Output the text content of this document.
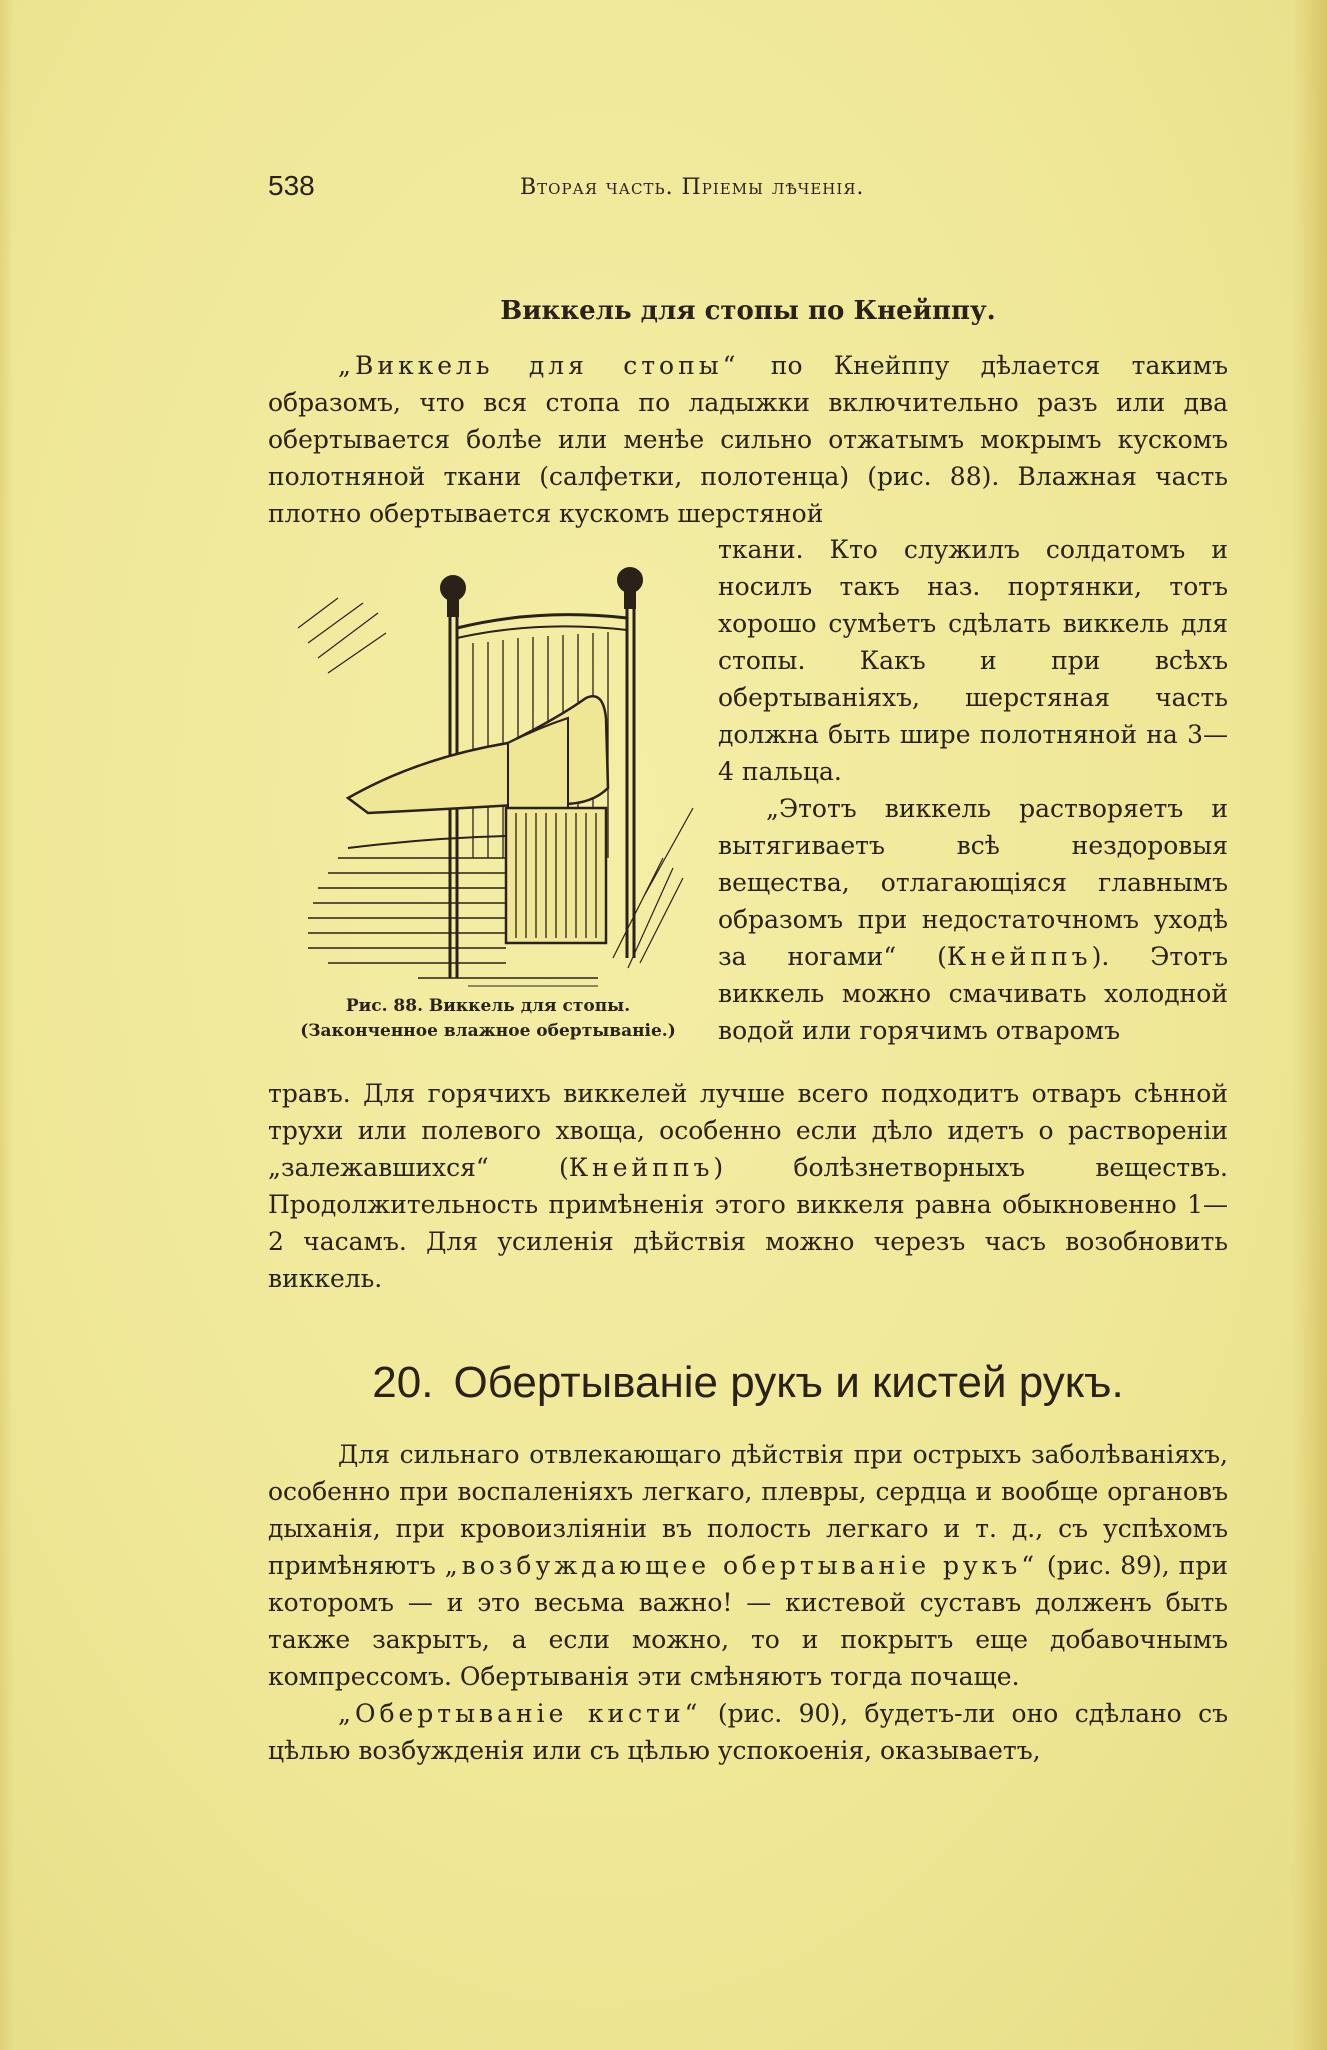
538	Вторая часть. Пріемы лѣченія.
Виккель для стопы по Кнейппу.

„Виккель для стопы“ по Кнейппу дѣлается такимъ образомъ, что вся стопа по ладыжки включительно разъ или два обертывается болѣе или менѣе сильно отжатымъ мокрымъ кускомъ полотняной ткани (салфетки, полотенца) (рис. 88). Влажная часть плотно обертывается кускомъ шерстяной

Рис. 88. Виккель для стопы.
(Законченное влажное обертываніе.)

ткани. Кто служилъ солдатомъ и носилъ такъ наз. портянки, тотъ хорошо сумѣетъ сдѣлать виккель для стопы. Какъ и при всѣхъ обертываніяхъ, шерстяная часть должна быть шире полотняной на 3—4 пальца.

„Этотъ виккель растворяетъ и вытягиваетъ всѣ нездоровыя вещества, отлагающіяся главнымъ образомъ при недостаточномъ уходѣ за ногами“ (Кнейппъ). Этотъ виккель можно смачивать холодной водой или горячимъ отваромъ

травъ. Для горячихъ виккелей лучше всего подходитъ отваръ сѣнной трухи или полевого хвоща, особенно если дѣло идетъ о раствореніи „залежавшихся“ (Кнейппъ) болѣзнетворныхъ веществъ. Продолжительность примѣненія этого виккеля равна обыкновенно 1—2 часамъ. Для усиленія дѣйствія можно черезъ часъ возобновить виккель.

20. Обертываніе рукъ и кистей рукъ.

Для сильнаго отвлекающаго дѣйствія при острыхъ заболѣваніяхъ, особенно при воспаленіяхъ легкаго, плевры, сердца и вообще органовъ дыханія, при кровоизліяніи въ полость легкаго и т. д., съ успѣхомъ примѣняютъ „возбуждающее обертываніе рукъ“ (рис. 89), при которомъ — и это весьма важно! — кистевой суставъ долженъ быть также закрытъ, а если можно, то и покрытъ еще добавочнымъ компрессомъ. Обертыванія эти смѣняютъ тогда почаще.

„Обертываніе кисти“ (рис. 90), будетъ-ли оно сдѣлано съ цѣлью возбужденія или съ цѣлью успокоенія, оказываетъ,
